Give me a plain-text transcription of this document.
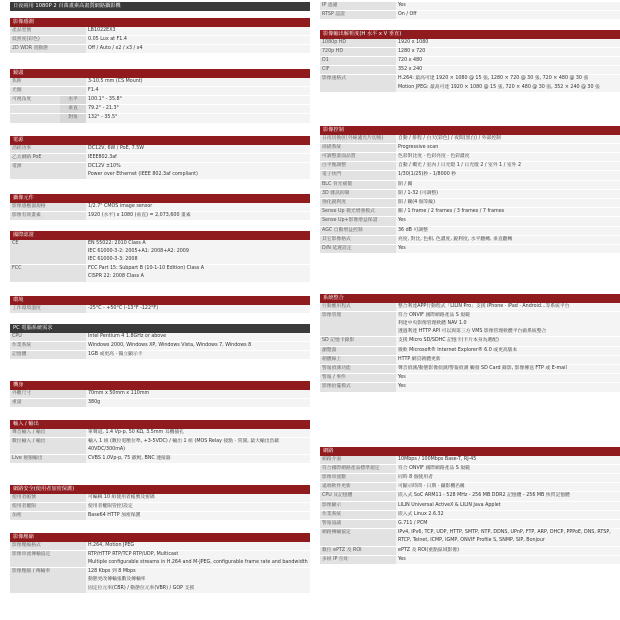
日夜兩用 1080P 2 百萬畫素高畫質網路攝影機
影像感測
產品型號	LB1022EX3
低照度(彩色)	0.05 Lux at F1.4
2D WDR 寬動態	Off / Auto / x2 / x3 / x4
鏡頭
焦距	3-10.5 mm (CS Mount)
光圈	F1.4
可視角度	水平	100.1° - 35.8°
	垂直	79.2° - 21.3°
	對角	132° - 35.5°
電源
消耗功率	DC12V, 6W / PoE, 7.5W
乙太網路 PoE	IEEE802.3af
電源	DC12V ±10%
Power over Ethernet (IEEE 802.3af compliant)
攝像元件
影像感應器規格	1/2.7" CMOS image sensor
影像有效畫素	1920 (水平) x 1080 (垂直) = 2,073,600 畫素
國際認證
CE	EN 55022: 2010 Class A
IEC 61000-3-2: 2005+A1: 2008+A2: 2009
IEC 61000-3-3: 2008
FCC	FCC Part 15: Subpart B (10-1-10 Edition) Class A
CISPR 22: 2008 Class A
環境
工作環境溫度	-25°C - +50°C (-13°F -122°F)
PC 電腦系統需求
CPU	Intel Pentium 4 1.8GHz or above
作業系統	Windows 2000, Windows XP, Windows Vista, Windows 7, Windows 8
記憶體	1GB 或更高 · 獨立顯示卡
機身
外觀尺寸	70mm x 50mm x 110mm
重量	380g
輸入 / 輸出
聲音輸入 / 輸出	單聲道, 1.4 Vp-p, 50 KΩ, 3.5mm 耳機插孔
數位輸入 / 輸出	輸入 1 組 (數位電壓位準, +3-5VDC) / 輸出 1 組 (MOS Relay 接點 · 常開, 最大輸出負載 40VDC/300mA)
Live 視頻輸出	CVBS 1.0Vp-p, 75 歐姆, BNC 連接器
網路安全(使用者加密保護)
使用者帳號	可編輯 10 組使用者帳號及密碼
使用者權限	使用者權限管控/設定
加密	Base64 HTTP 加密保護
影像壓縮
影像壓縮格式	H.264, Motion JPEG
影像串流傳輸協定	RTP/HTTP RTP/TCP RTP/UDP, Multicast
Multiple configurable streams in H.264 and M-JPEG, configurable frame rate and bandwidth
影像壓縮 / 傳輸率	128 Kbps 到 8 Mbps
動態更改傳輸張數及傳輸率
固定位元率(CBR) / 動態位元率(VBR) / GOP 支援
IP 過濾	Yes
RTSP 認證	On / Off
影像輸出解析度(H 水平 x V 垂直)
1080p HD	1920 x 1080
720p HD	1280 x 720
D1	720 x 480
CIF	352 x 240
影像速格式	H.264: 最高可達 1920 × 1080 @ 15 張, 1280 × 720 @ 30 張, 720 × 480 @ 30 張
Motion JPEG: 最高可達 1920 × 1080 @ 15 張, 720 × 480 @ 30 張, 352 × 240 @ 30 張
影像控制
日夜切換(紅外線濾光片切換)	自動 / 排程 / 白天(彩色) / 夜間(黑白) / 外部控制
掃描系統	Progressive scan
可調整畫面品質	色彩對比度 · 色彩亮度 · 色彩濃度
白平衡調整	自動 / 燭光 / 室內 / 日光燈 1 / 日光燈 2 / 室外 1 / 室外 2
電子快門	1/30(1/25)秒 - 1/8000 秒
BLC 背光補償	開 / 關
3D 雜訊抑制	開 / 1-32 (可調整)
強化銳利度	開 / 關(4 個等級)
Sense Up 微光增強模式	關 / 1 frame / 2 frames / 3 frames / 7 frames
Sense Up+影像增益保證	Yes
AGC 自動增益控制	36 dB 可調整
其它影像格式	亮度, 對比, 色相, 色濃度, 銳利度, 水平翻轉, 垂直翻轉
D/N 延遲設定	Yes
系統整合
行動應用程式	整合利達APP行動程式「LILIN Pro」支援 iPhone · iPad · Android...等系統平台
影像管理	符合 ONVIF 國際網路產品 S 規範
利達中央影像管理軟體 NAV 1.0
透過利達 HTTP API 可以與第三方 VMS 影像管理軟體平台做系統整合
SD 記憶卡錄影	支援 Micro SD/SDHC 記憶卡(卡片本身為選配)
瀏覽器	微軟 Microsoft® Internet Explorer® 6.0 或更高版本
韌體線上	HTTP 網頁韌體更新
警報偵測功能	聲音偵測/動態影像偵測/警報偵測 觸發 SD Card 錄影, 影像傳送 FTP 或 E-mail
警報 / 事件	Yes
影像拍擺模式	Yes
網路
網路介面	10Mbps / 100Mbps Base-T, RJ-45
符合國際網路產品標準規定	符合 ONVIF 國際網路產品 S 規範
影像串流數	同時 8 個使用者
遠端軟件更新	可顯示時間 · 日期 · 攝影機名稱
CPU 及記憶體	嵌入式 SoC ARM11 - 528 MHz - 256 MB DDR2 記憶體 - 256 MB 快閃記憶體
影像顯示	LILIN Universal ActiveX & LILIN Java Applet
作業系統	嵌入式 Linux 2.6.32
警報協議	G.711 / PCM
網路傳輸協定	IPv4, IPv6, TCP, UDP, HTTP, SMTP, NTP, DDNS, UPnP, FTP, ARP, DHCP, PPPoE, DNS, RTSP, RTCP, Telnet, ICMP, IGMP, ONVIF Profile S, SNMP, SIP, Bonjour
數位 ePTZ 及 ROI	ePTZ 及 ROI(重點區域影像)
多組 IP 位址	Yes
